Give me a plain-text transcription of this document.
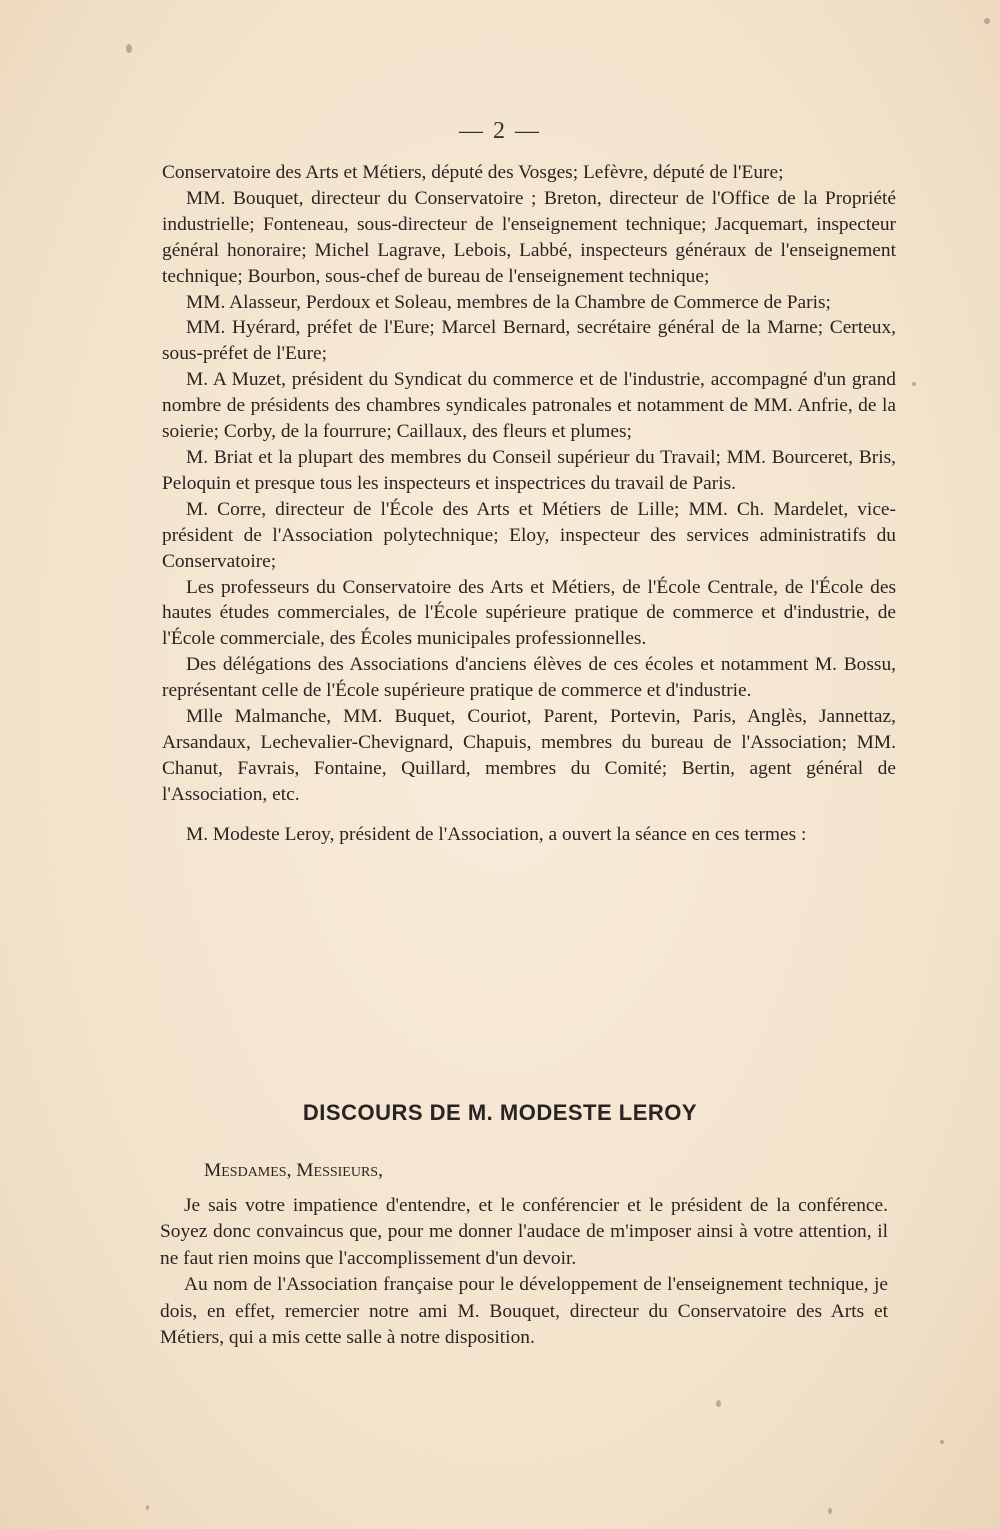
— 2 —

Conservatoire des Arts et Métiers, député des Vosges; Lefèvre, député de l'Eure;

MM. Bouquet, directeur du Conservatoire ; Breton, directeur de l'Office de la Propriété industrielle; Fonteneau, sous-directeur de l'enseignement technique; Jacquemart, inspecteur général honoraire; Michel Lagrave, Lebois, Labbé, inspecteurs généraux de l'enseignement technique; Bourbon, sous-chef de bureau de l'enseignement technique;

MM. Alasseur, Perdoux et Soleau, membres de la Chambre de Commerce de Paris;

MM. Hyérard, préfet de l'Eure; Marcel Bernard, secrétaire général de la Marne; Certeux, sous-préfet de l'Eure;

M. A Muzet, président du Syndicat du commerce et de l'industrie, accompagné d'un grand nombre de présidents des chambres syndicales patronales et notamment de MM. Anfrie, de la soierie; Corby, de la fourrure; Caillaux, des fleurs et plumes;

M. Briat et la plupart des membres du Conseil supérieur du Travail; MM. Bourceret, Bris, Peloquin et presque tous les inspecteurs et inspectrices du travail de Paris.

M. Corre, directeur de l'École des Arts et Métiers de Lille; MM. Ch. Mardelet, vice-président de l'Association polytechnique; Eloy, inspecteur des services administratifs du Conservatoire;

Les professeurs du Conservatoire des Arts et Métiers, de l'École Centrale, de l'École des hautes études commerciales, de l'École supérieure pratique de commerce et d'industrie, de l'École commerciale, des Écoles municipales professionnelles.

Des délégations des Associations d'anciens élèves de ces écoles et notamment M. Bossu, représentant celle de l'École supérieure pratique de commerce et d'industrie.

Mlle Malmanche, MM. Buquet, Couriot, Parent, Portevin, Paris, Anglès, Jannettaz, Arsandaux, Lechevalier-Chevignard, Chapuis, membres du bureau de l'Association; MM. Chanut, Favrais, Fontaine, Quillard, membres du Comité; Bertin, agent général de l'Association, etc.

M. Modeste Leroy, président de l'Association, a ouvert la séance en ces termes :

DISCOURS DE M. MODESTE LEROY

Mesdames, Messieurs,

Je sais votre impatience d'entendre, et le conférencier et le président de la conférence. Soyez donc convaincus que, pour me donner l'audace de m'imposer ainsi à votre attention, il ne faut rien moins que l'accomplissement d'un devoir.

Au nom de l'Association française pour le développement de l'enseignement technique, je dois, en effet, remercier notre ami M. Bouquet, directeur du Conservatoire des Arts et Métiers, qui a mis cette salle à notre disposition.
